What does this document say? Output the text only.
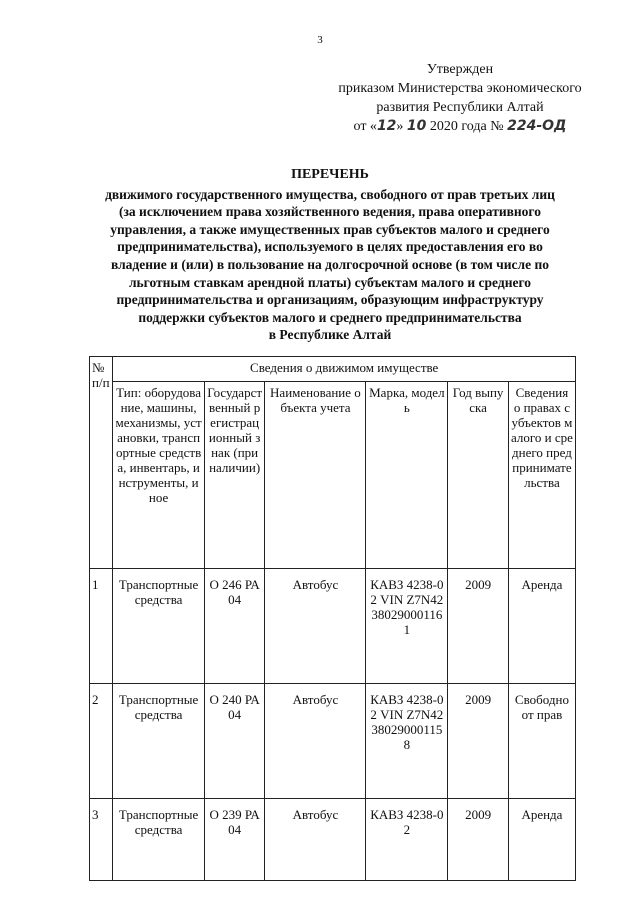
3
Утвержден
приказом Министерства экономического
развития Республики Алтай
от «12» 10 2020 года № 224-ОД
ПЕРЕЧЕНЬ
движимого государственного имущества, свободного от прав третьих лиц
(за исключением права хозяйственного ведения, права оперативного
управления, а также имущественных прав субъектов малого и среднего
предпринимательства), используемого в целях предоставления его во
владение и (или) в пользование на долгосрочной основе (в том числе по
льготным ставкам арендной платы) субъектам малого и среднего
предпринимательства и организациям, образующим инфраструктуру
поддержки субъектов малого и среднего предпринимательства
в Республике Алтай
№ п/п	Сведения о движимом имуществе					

	Тип: оборудование, машины, механизмы, установки, транспортные средства, инвентарь, инструменты, иное	Государственный регистрационный знак (при наличии)	Наименование объекта учета	Марка, модель	Год выпуска	Сведения о правах субъектов малого и среднего предпринимательства

1	Транспортные средства	О 246 РА 04	Автобус	КАВЗ 4238-02 VIN Z7N4238029000116 1	2009	Аренда
2	Транспортные средства	О 240 РА 04	Автобус	КАВЗ 4238-02 VIN Z7N4238029000115 8	2009	Свободно от прав
3	Транспортные средства	О 239 РА 04	Автобус	КАВЗ 4238-02	2009	Аренда
